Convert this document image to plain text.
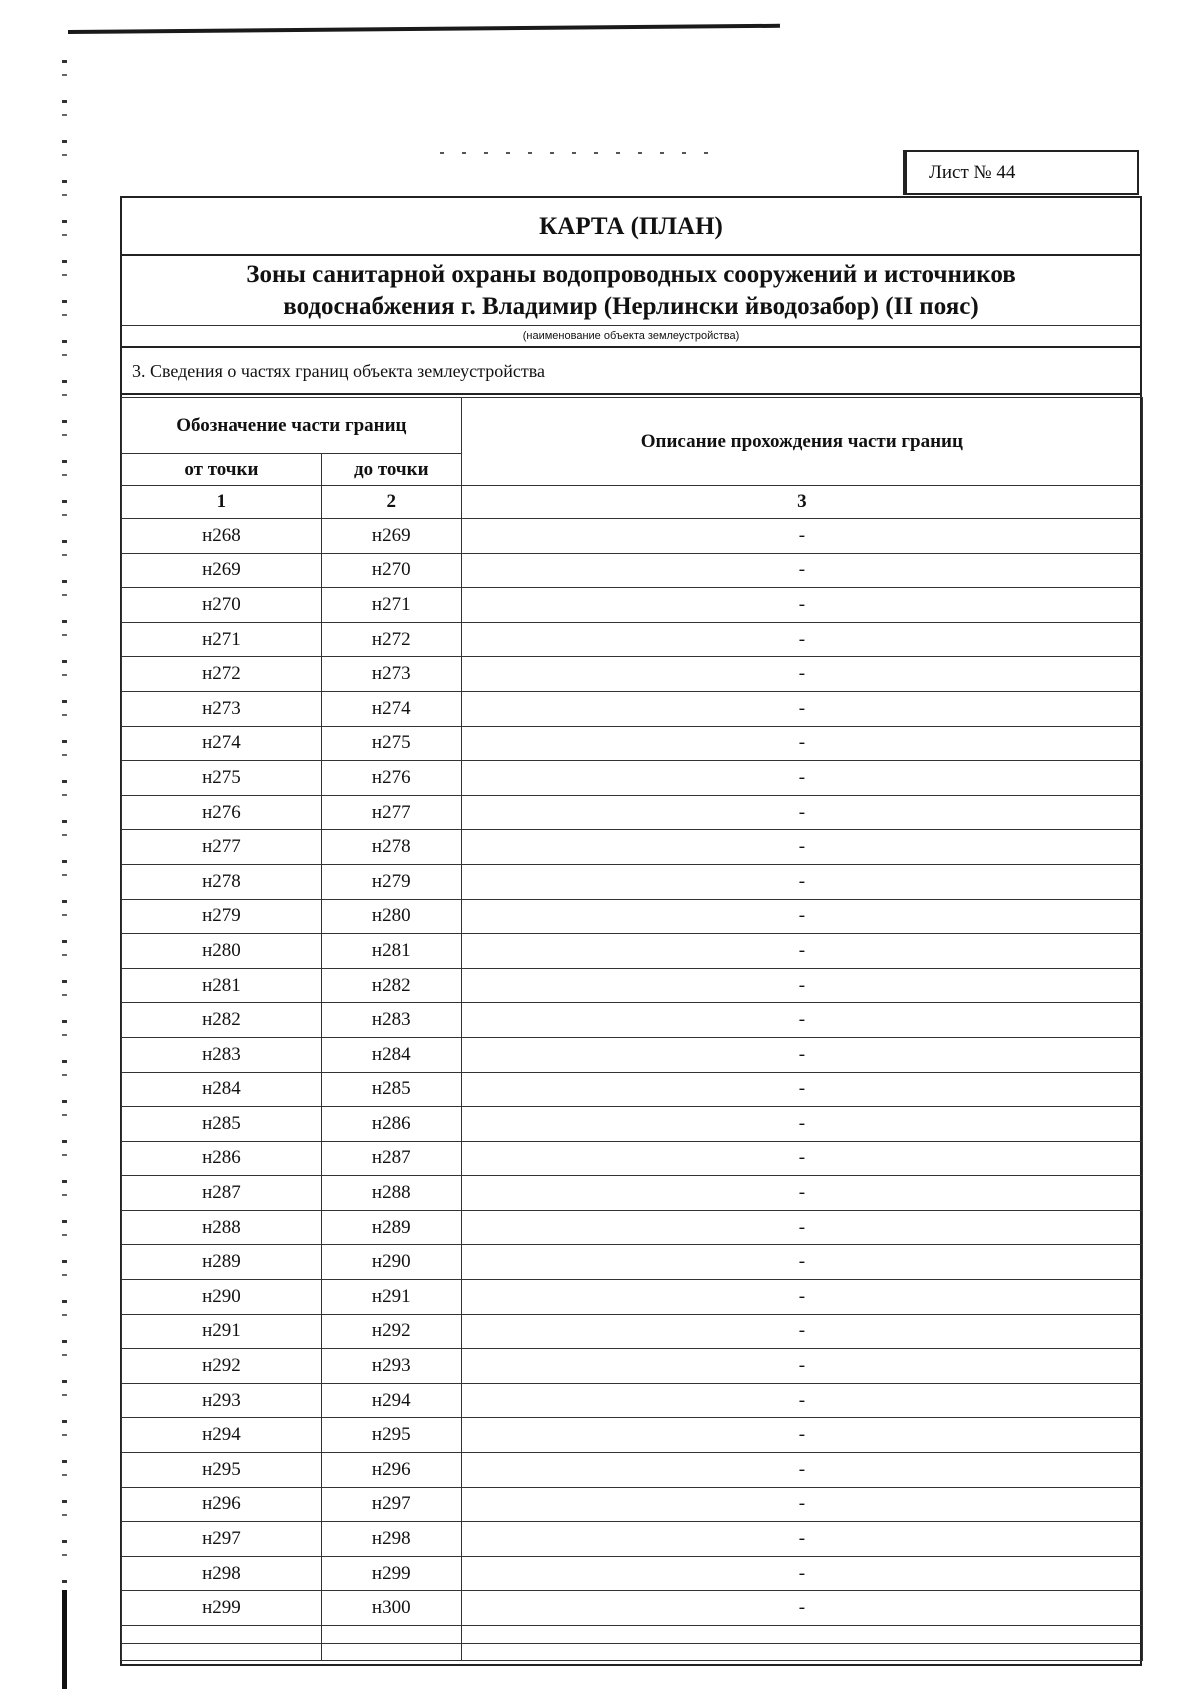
Лист № 44
КАРТА (ПЛАН)
Зоны санитарной охраны водопроводных сооружений и источников
водоснабжения г. Владимир (Нерлински йводозабор) (II пояс)
(наименование объекта землеустройства)
3. Сведения о частях границ объекта землеустройства
Обозначение части границ		Описание прохождения части границ
от точки	до точки	
1	2	3
н268	н269	-
н269	н270	-
н270	н271	-
н271	н272	-
н272	н273	-
н273	н274	-
н274	н275	-
н275	н276	-
н276	н277	-
н277	н278	-
н278	н279	-
н279	н280	-
н280	н281	-
н281	н282	-
н282	н283	-
н283	н284	-
н284	н285	-
н285	н286	-
н286	н287	-
н287	н288	-
н288	н289	-
н289	н290	-
н290	н291	-
н291	н292	-
н292	н293	-
н293	н294	-
н294	н295	-
н295	н296	-
н296	н297	-
н297	н298	-
н298	н299	-
н299	н300	-
